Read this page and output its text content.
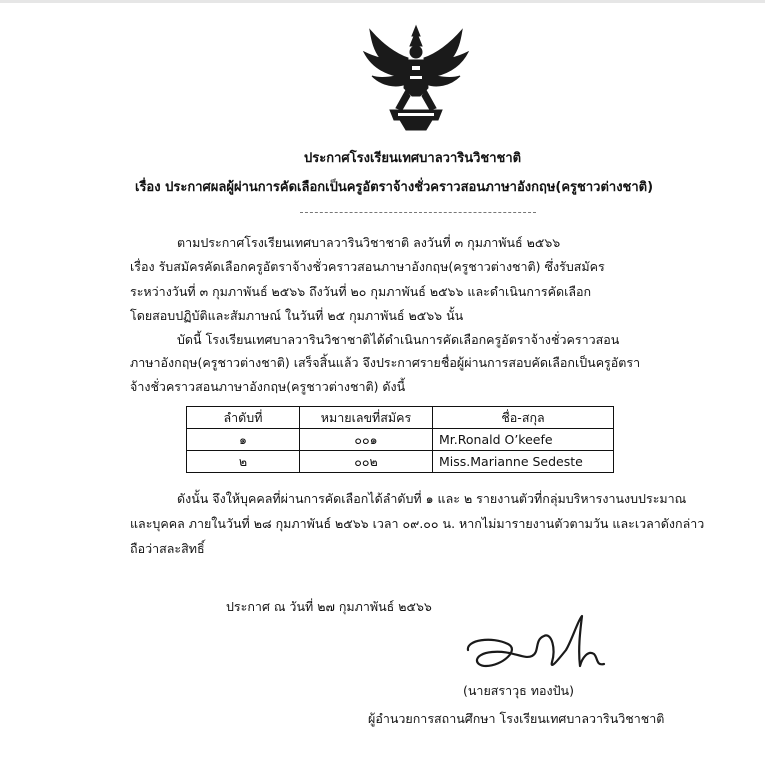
ประกาศโรงเรียนเทศบาลวารินวิชาชาติ
เรื่อง ประกาศผลผู้ผ่านการคัดเลือกเป็นครูอัตราจ้างชั่วคราวสอนภาษาอังกฤษ(ครูชาวต่างชาติ)
ตามประกาศโรงเรียนเทศบาลวารินวิชาชาติ ลงวันที่ ๓ กุมภาพันธ์ ๒๕๖๖
เรื่อง รับสมัครคัดเลือกครูอัตราจ้างชั่วคราวสอนภาษาอังกฤษ(ครูชาวต่างชาติ) ซึ่งรับสมัคร
ระหว่างวันที่ ๓ กุมภาพันธ์ ๒๕๖๖ ถึงวันที่ ๒๐ กุมภาพันธ์ ๒๕๖๖ และดำเนินการคัดเลือก
โดยสอบปฏิบัติและสัมภาษณ์ ในวันที่ ๒๕ กุมภาพันธ์ ๒๕๖๖ นั้น
บัดนี้ โรงเรียนเทศบาลวารินวิชาชาติได้ดำเนินการคัดเลือกครูอัตราจ้างชั่วคราวสอน
ภาษาอังกฤษ(ครูชาวต่างชาติ) เสร็จสิ้นแล้ว จึงประกาศรายชื่อผู้ผ่านการสอบคัดเลือกเป็นครูอัตรา
จ้างชั่วคราวสอนภาษาอังกฤษ(ครูชาวต่างชาติ) ดังนี้
ลำดับที่	หมายเลขที่สมัคร	ชื่อ-สกุล
๑	๐๐๑	Mr.Ronald O’keefe
๒	๐๐๒	Miss.Marianne Sedeste
ดังนั้น จึงให้บุคคลที่ผ่านการคัดเลือกได้ลำดับที่ ๑ และ ๒ รายงานตัวที่กลุ่มบริหารงานงบประมาณ
และบุคคล ภายในวันที่ ๒๘ กุมภาพันธ์ ๒๕๖๖ เวลา ๐๙.๐๐ น. หากไม่มารายงานตัวตามวัน และเวลาดังกล่าว
ถือว่าสละสิทธิ์
ประกาศ ณ วันที่ ๒๗ กุมภาพันธ์ ๒๕๖๖
(นายสราวุธ ทองปัน)
ผู้อำนวยการสถานศึกษา โรงเรียนเทศบาลวารินวิชาชาติ
